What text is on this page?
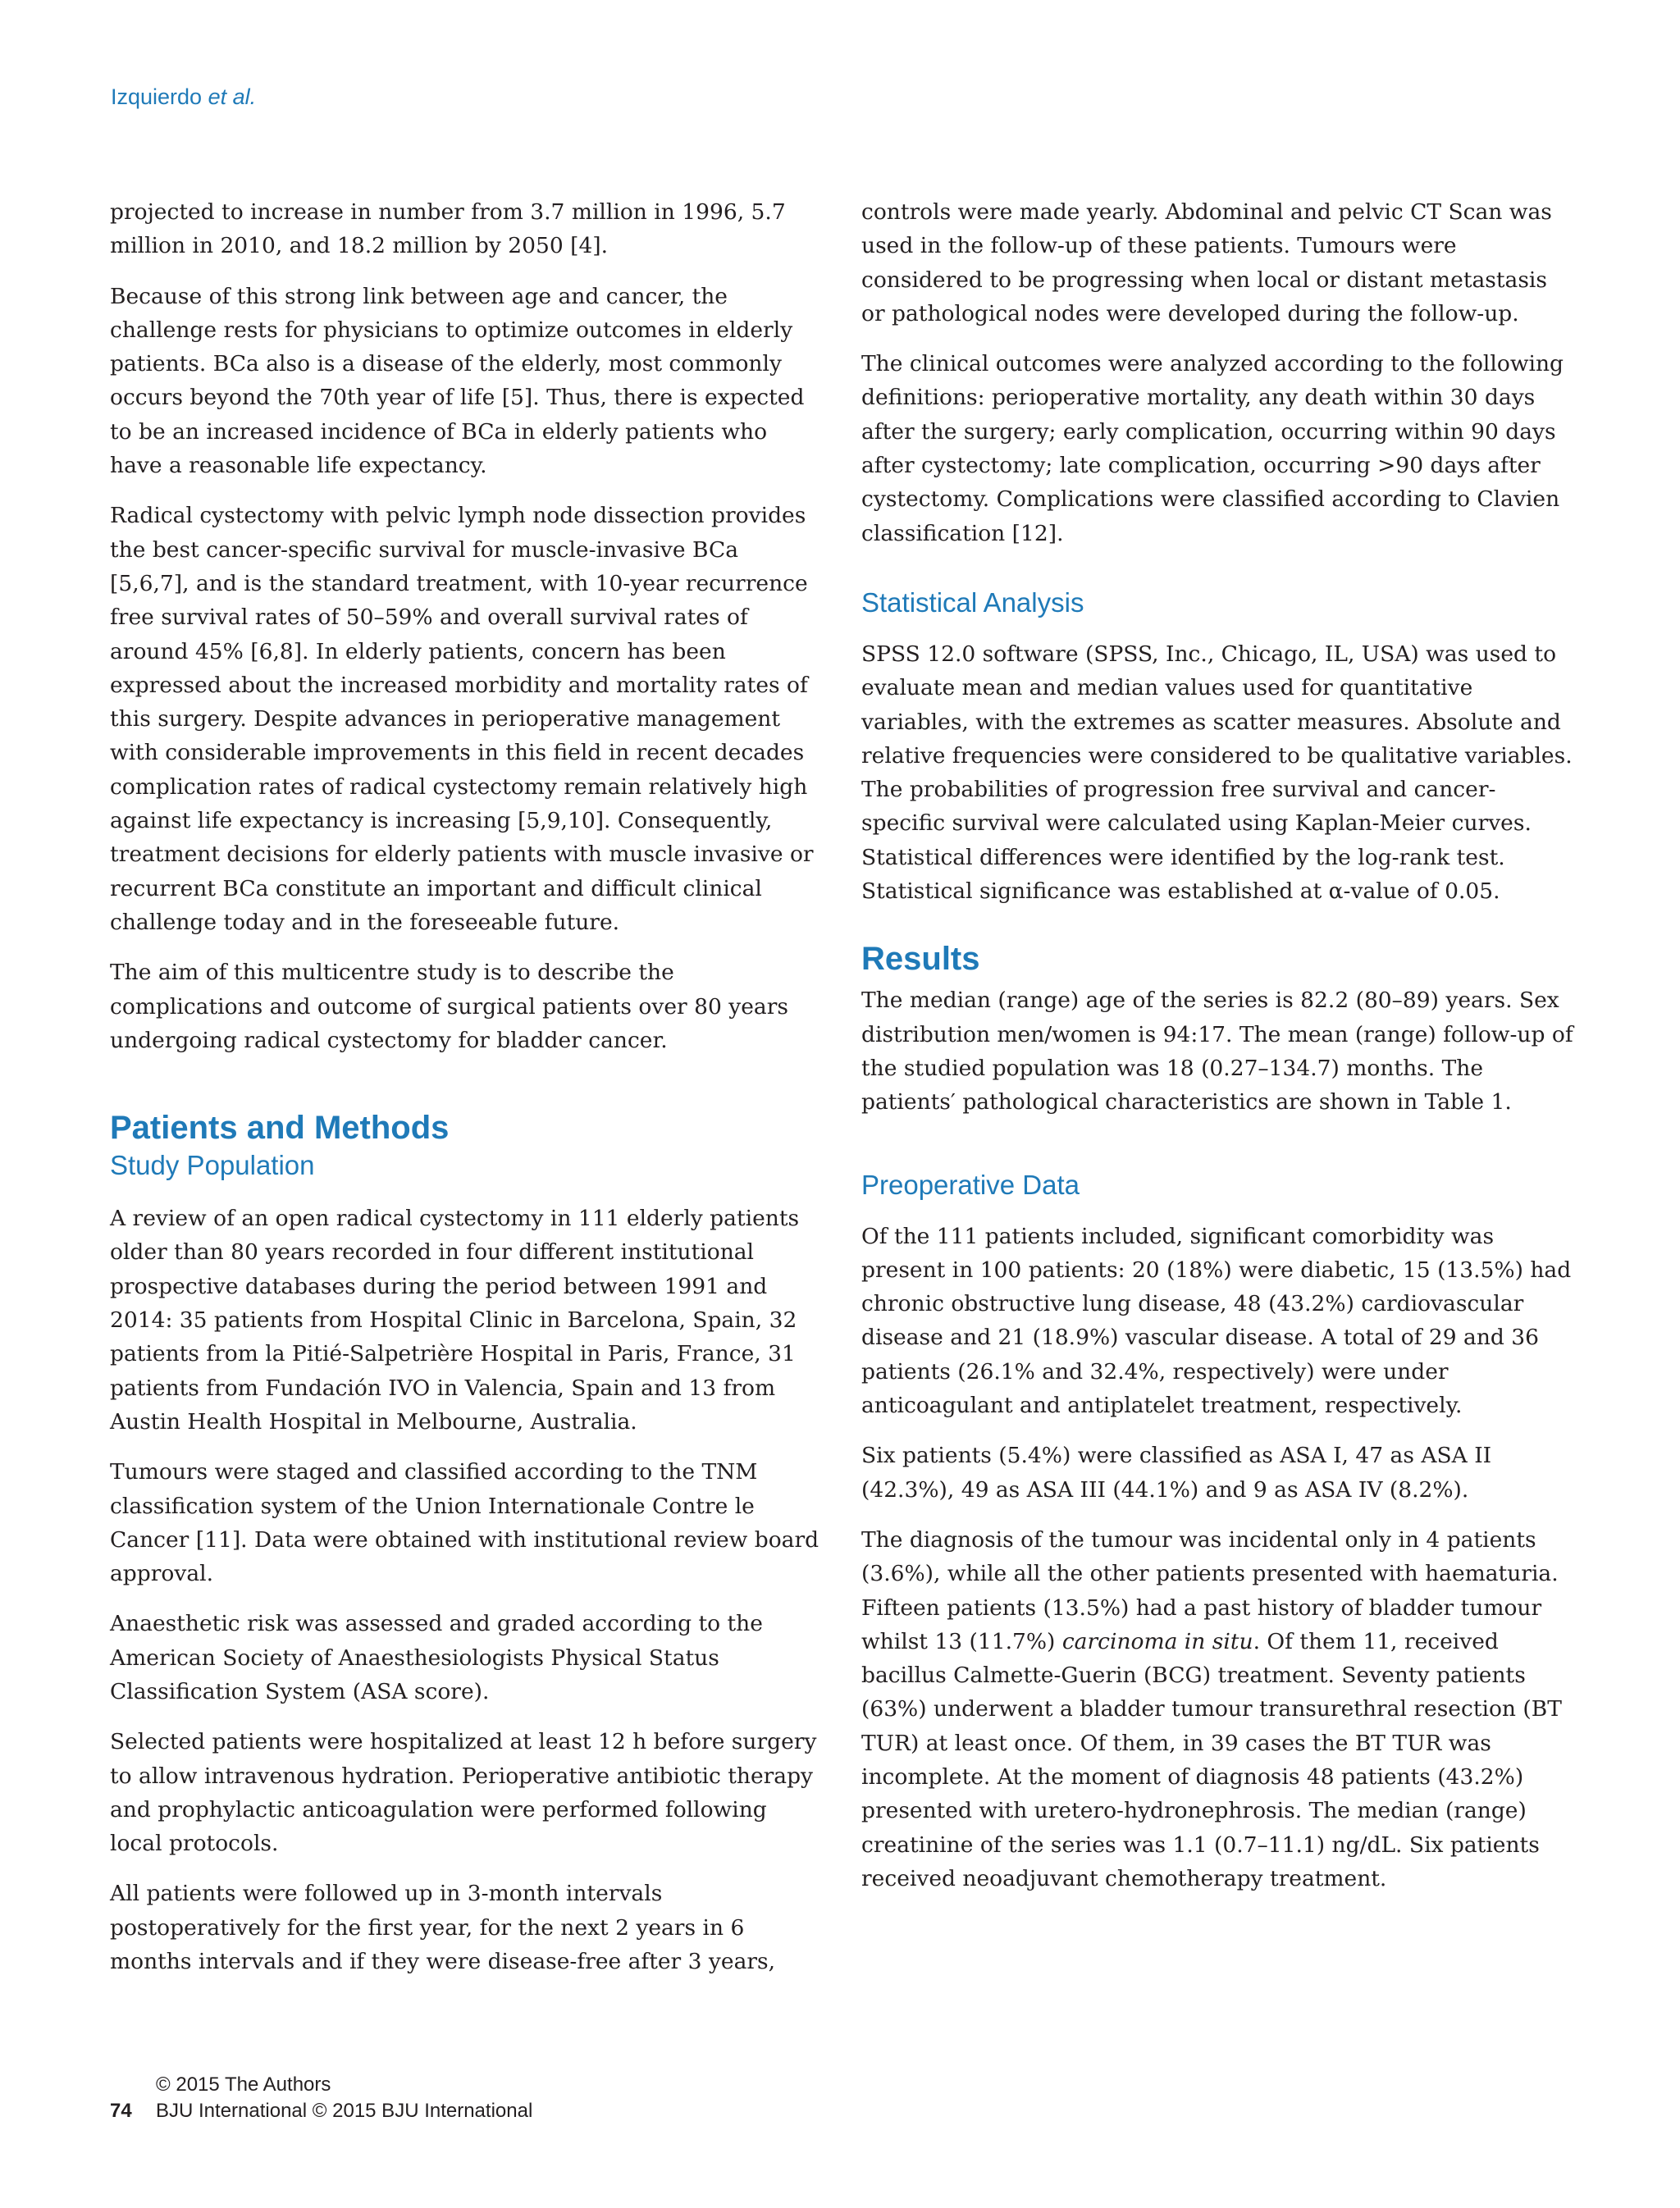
Izquierdo et al.

projected to increase in number from 3.7 million in 1996, 5.7 million in 2010, and 18.2 million by 2050 [4].

Because of this strong link between age and cancer, the challenge rests for physicians to optimize outcomes in elderly patients. BCa also is a disease of the elderly, most commonly occurs beyond the 70th year of life [5]. Thus, there is expected to be an increased incidence of BCa in elderly patients who have a reasonable life expectancy.

Radical cystectomy with pelvic lymph node dissection provides the best cancer-specific survival for muscle-invasive BCa [5,6,7], and is the standard treatment, with 10-year recurrence free survival rates of 50–59% and overall survival rates of around 45% [6,8]. In elderly patients, concern has been expressed about the increased morbidity and mortality rates of this surgery. Despite advances in perioperative management with considerable improvements in this field in recent decades complication rates of radical cystectomy remain relatively high against life expectancy is increasing [5,9,10]. Consequently, treatment decisions for elderly patients with muscle invasive or recurrent BCa constitute an important and difficult clinical challenge today and in the foreseeable future.

The aim of this multicentre study is to describe the complications and outcome of surgical patients over 80 years undergoing radical cystectomy for bladder cancer.

Patients and Methods
Study Population

A review of an open radical cystectomy in 111 elderly patients older than 80 years recorded in four different institutional prospective databases during the period between 1991 and 2014: 35 patients from Hospital Clinic in Barcelona, Spain, 32 patients from la Pitié-Salpetrière Hospital in Paris, France, 31 patients from Fundación IVO in Valencia, Spain and 13 from Austin Health Hospital in Melbourne, Australia.

Tumours were staged and classified according to the TNM classification system of the Union Internationale Contre le Cancer [11]. Data were obtained with institutional review board approval.

Anaesthetic risk was assessed and graded according to the American Society of Anaesthesiologists Physical Status Classification System (ASA score).

Selected patients were hospitalized at least 12 h before surgery to allow intravenous hydration. Perioperative antibiotic therapy and prophylactic anticoagulation were performed following local protocols.

All patients were followed up in 3-month intervals postoperatively for the first year, for the next 2 years in 6 months intervals and if they were disease-free after 3 years,

controls were made yearly. Abdominal and pelvic CT Scan was used in the follow-up of these patients. Tumours were considered to be progressing when local or distant metastasis or pathological nodes were developed during the follow-up.

The clinical outcomes were analyzed according to the following definitions: perioperative mortality, any death within 30 days after the surgery; early complication, occurring within 90 days after cystectomy; late complication, occurring >90 days after cystectomy. Complications were classified according to Clavien classification [12].

Statistical Analysis

SPSS 12.0 software (SPSS, Inc., Chicago, IL, USA) was used to evaluate mean and median values used for quantitative variables, with the extremes as scatter measures. Absolute and relative frequencies were considered to be qualitative variables. The probabilities of progression free survival and cancer-specific survival were calculated using Kaplan-Meier curves. Statistical differences were identified by the log-rank test. Statistical significance was established at α-value of 0.05.

Results

The median (range) age of the series is 82.2 (80–89) years. Sex distribution men/women is 94:17. The mean (range) follow-up of the studied population was 18 (0.27–134.7) months. The patients′ pathological characteristics are shown in Table 1.

Preoperative Data

Of the 111 patients included, significant comorbidity was present in 100 patients: 20 (18%) were diabetic, 15 (13.5%) had chronic obstructive lung disease, 48 (43.2%) cardiovascular disease and 21 (18.9%) vascular disease. A total of 29 and 36 patients (26.1% and 32.4%, respectively) were under anticoagulant and antiplatelet treatment, respectively.

Six patients (5.4%) were classified as ASA I, 47 as ASA II (42.3%), 49 as ASA III (44.1%) and 9 as ASA IV (8.2%).

The diagnosis of the tumour was incidental only in 4 patients (3.6%), while all the other patients presented with haematuria. Fifteen patients (13.5%) had a past history of bladder tumour whilst 13 (11.7%) carcinoma in situ. Of them 11, received bacillus Calmette-Guerin (BCG) treatment. Seventy patients (63%) underwent a bladder tumour transurethral resection (BT TUR) at least once. Of them, in 39 cases the BT TUR was incomplete. At the moment of diagnosis 48 patients (43.2%) presented with uretero-hydronephrosis. The median (range) creatinine of the series was 1.1 (0.7–11.1) ng/dL. Six patients received neoadjuvant chemotherapy treatment.

© 2015 The Authors
74 BJU International © 2015 BJU International
